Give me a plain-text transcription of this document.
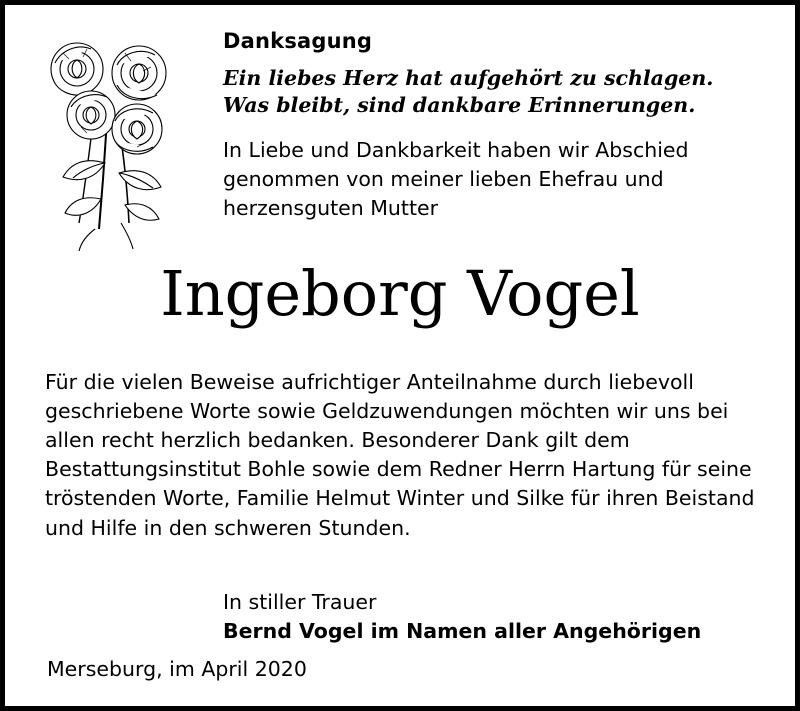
Danksagung
Ein liebes Herz hat aufgehört zu schlagen.
Was bleibt, sind dankbare Erinnerungen.
In Liebe und Dankbarkeit haben wir Abschied genommen von meiner lieben Ehefrau und herzensguten Mutter
Ingeborg Vogel
Für die vielen Beweise aufrichtiger Anteilnahme durch liebevoll geschriebene Worte sowie Geldzuwendungen möchten wir uns bei allen recht herzlich bedanken. Besonderer Dank gilt dem Bestattungsinstitut Bohle sowie dem Redner Herrn Hartung für seine tröstenden Worte, Familie Helmut Winter und Silke für ihren Beistand und Hilfe in den schweren Stunden.
In stiller Trauer
Bernd Vogel im Namen aller Angehörigen
Merseburg, im April 2020
